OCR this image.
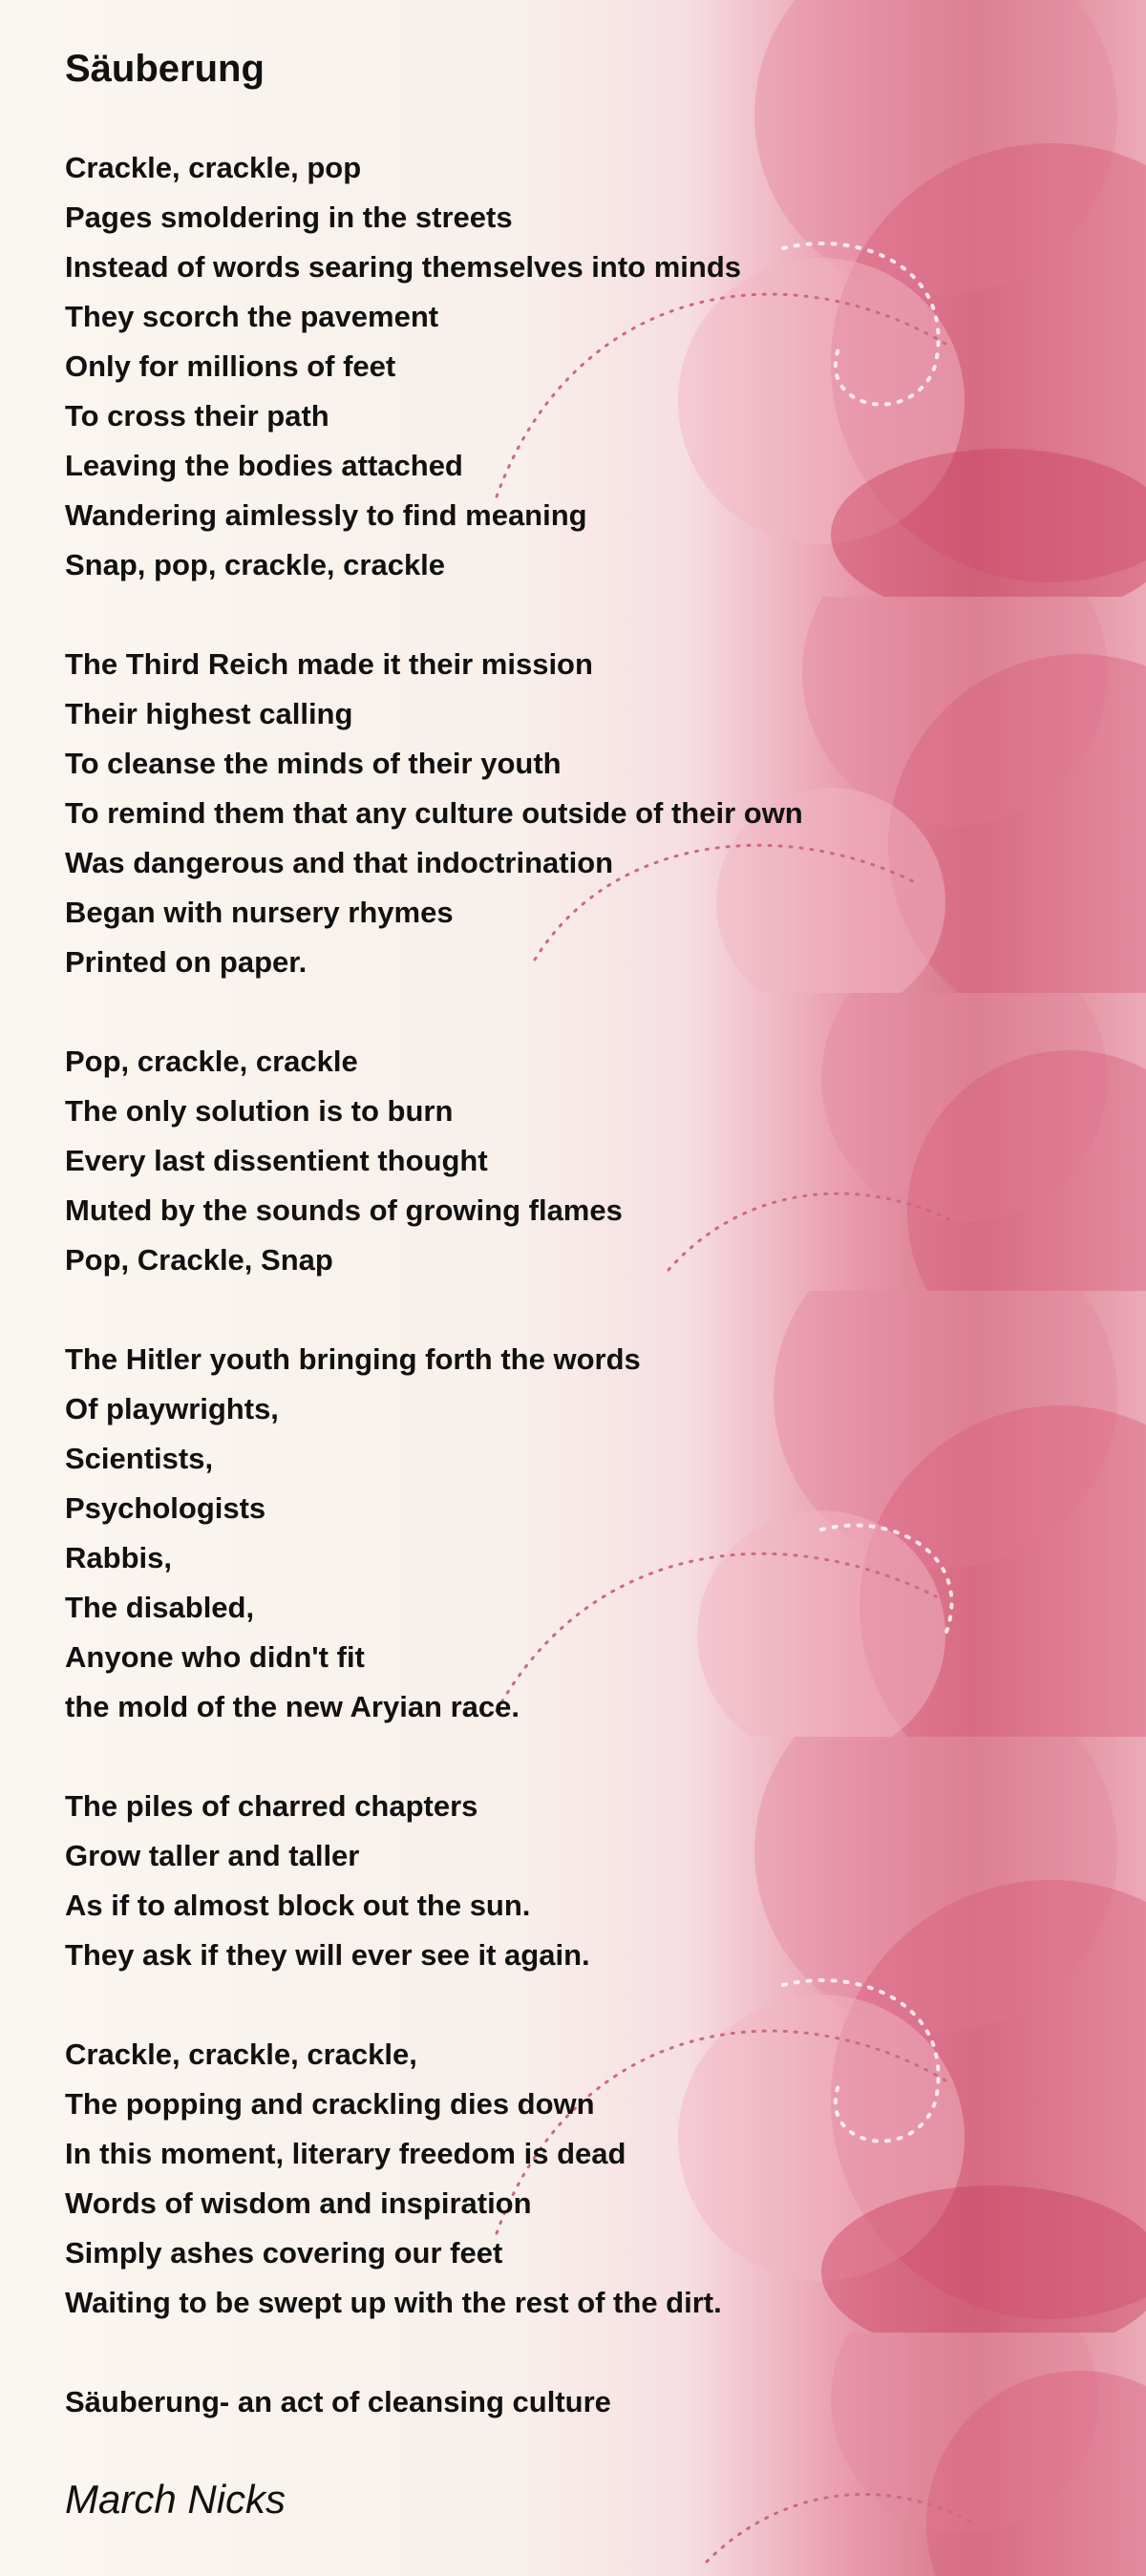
Säuberung
Crackle, crackle, pop
Pages smoldering in the streets
Instead of words searing themselves into minds
They scorch the pavement
Only for millions of feet
To cross their path
Leaving the bodies attached
Wandering aimlessly to find meaning
Snap, pop, crackle, crackle
The Third Reich made it their mission
Their highest calling
To cleanse the minds of their youth
To remind them that any culture outside of their own
Was dangerous and that indoctrination
Began with nursery rhymes
Printed on paper.
Pop, crackle, crackle
The only solution is to burn
Every last dissentient thought
Muted by the sounds of growing flames
Pop, Crackle, Snap
The Hitler youth bringing forth the words
Of playwrights,
Scientists,
Psychologists
Rabbis,
The disabled,
Anyone who didn't fit
the mold of the new Aryian race.
The piles of charred chapters
Grow taller and taller
As if to almost block out the sun.
They ask if they will ever see it again.
Crackle, crackle, crackle,
The popping and crackling dies down
In this moment, literary freedom is dead
Words of wisdom and inspiration
Simply ashes covering our feet
Waiting to be swept up with the rest of the dirt.
Säuberung- an act of cleansing culture
March Nicks
